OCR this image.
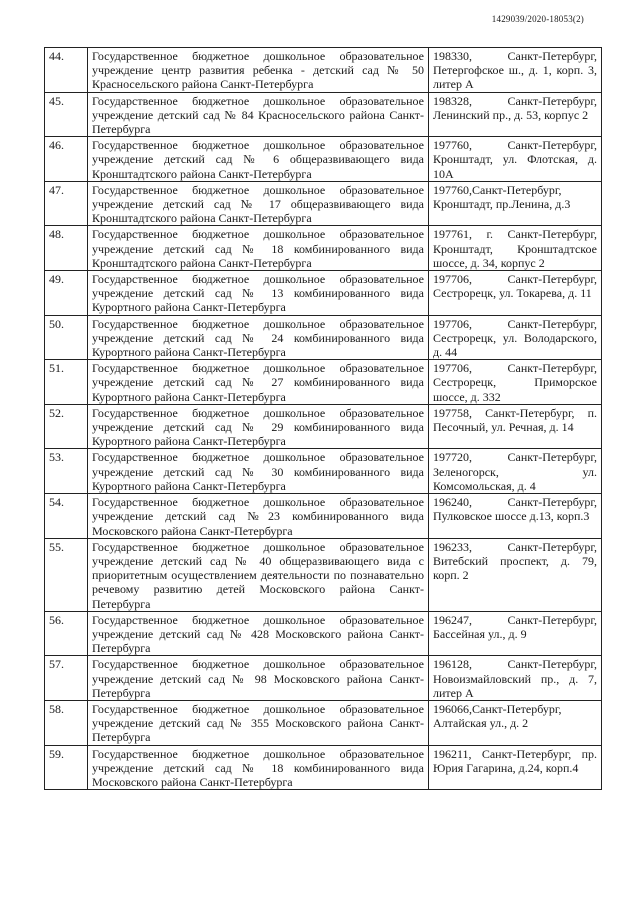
1429039/2020-18053(2)
44.	Государственное бюджетное дошкольное образовательное учреждение центр развития ребенка - детский сад № 50 Красносельского района Санкт-Петербурга	198330, Санкт-Петербург, Петергофское ш., д. 1, корп. 3, литер А
45.	Государственное бюджетное дошкольное образовательное учреждение детский сад № 84 Красносельского района Санкт-Петербурга	198328, Санкт-Петербург, Ленинский пр., д. 53, корпус 2
46.	Государственное бюджетное дошкольное образовательное учреждение детский сад № 6 общеразвивающего вида Кронштадтского района Санкт-Петербурга	197760, Санкт-Петербург, Кронштадт, ул. Флотская, д. 10А
47.	Государственное бюджетное дошкольное образовательное учреждение детский сад № 17 общеразвивающего вида Кронштадтского района Санкт-Петербурга	197760,Санкт-Петербург, Кронштадт, пр.Ленина, д.3
48.	Государственное бюджетное дошкольное образовательное учреждение детский сад № 18 комбинированного вида Кронштадтского района Санкт-Петербурга	197761, г. Санкт-Петербург, Кронштадт, Кронштадтское шоссе, д. 34, корпус 2
49.	Государственное бюджетное дошкольное образовательное учреждение детский сад № 13 комбинированного вида Курортного района Санкт-Петербурга	197706, Санкт-Петербург, Сестрорецк, ул. Токарева, д. 11
50.	Государственное бюджетное дошкольное образовательное учреждение детский сад № 24 комбинированного вида Курортного района Санкт-Петербурга	197706, Санкт-Петербург, Сестрорецк, ул. Володарского, д. 44
51.	Государственное бюджетное дошкольное образовательное учреждение детский сад № 27 комбинированного вида Курортного района Санкт-Петербурга	197706, Санкт-Петербург, Сестрорецк, Приморское шоссе, д. 332
52.	Государственное бюджетное дошкольное образовательное учреждение детский сад № 29 комбинированного вида Курортного района Санкт-Петербурга	197758, Санкт-Петербург, п. Песочный, ул. Речная, д. 14
53.	Государственное бюджетное дошкольное образовательное учреждение детский сад № 30 комбинированного вида Курортного района Санкт-Петербурга	197720, Санкт-Петербург, Зеленогорск, ул. Комсомольская, д. 4
54.	Государственное бюджетное дошкольное образовательное учреждение детский сад №23 комбинированного вида Московского района Санкт-Петербурга	196240, Санкт-Петербург, Пулковское шоссе д.13, корп.3
55.	Государственное бюджетное дошкольное образовательное учреждение детский сад № 40 общеразвивающего вида с приоритетным осуществлением деятельности по познавательно речевому развитию детей Московского района Санкт-Петербурга	196233, Санкт-Петербург, Витебский проспект, д. 79, корп. 2
56.	Государственное бюджетное дошкольное образовательное учреждение детский сад № 428 Московского района Санкт-Петербурга	196247, Санкт-Петербург, Бассейная ул., д. 9
57.	Государственное бюджетное дошкольное образовательное учреждение детский сад № 98 Московского района Санкт-Петербурга	196128, Санкт-Петербург, Новоизмайловский пр., д. 7, литер А
58.	Государственное бюджетное дошкольное образовательное учреждение детский сад № 355 Московского района Санкт-Петербурга	196066,Санкт-Петербург, Алтайская ул., д. 2
59.	Государственное бюджетное дошкольное образовательное учреждение детский сад № 18 комбинированного вида Московского района Санкт-Петербурга	196211, Санкт-Петербург, пр. Юрия Гагарина, д.24, корп.4
